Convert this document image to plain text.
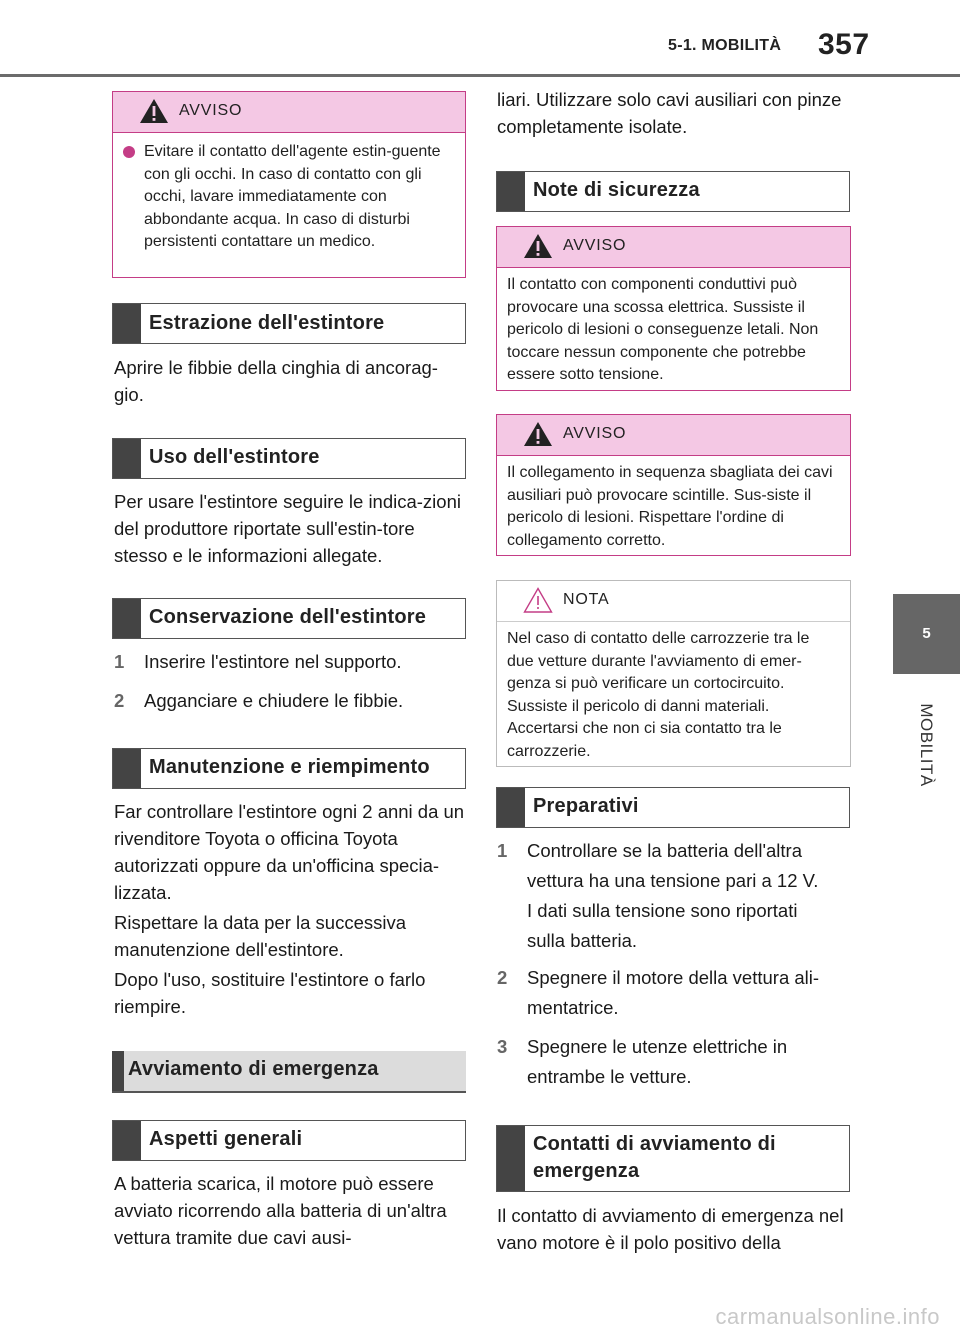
5-1. MOBILITÀ 357
5
MOBILITÀ
AVVISO
Evitare il contatto dell'agente estin-guente con gli occhi. In caso di contatto con gli occhi, lavare immediatamente con abbondante acqua. In caso di disturbi persistenti contattare un medico.
Estrazione dell'estintore
Aprire le fibbie della cinghia di ancorag-gio.
Uso dell'estintore
Per usare l'estintore seguire le indica-zioni del produttore riportate sull'estin-tore stesso e le informazioni allegate.
Conservazione dell'estintore
1 Inserire l'estintore nel supporto.
2 Agganciare e chiudere le fibbie.
Manutenzione e riempimento
Far controllare l'estintore ogni 2 anni da un rivenditore Toyota o officina Toyota autorizzati oppure da un'officina specia-lizzata.
Rispettare la data per la successiva manutenzione dell'estintore.
Dopo l'uso, sostituire l'estintore o farlo riempire.
Avviamento di emergenza
Aspetti generali
A batteria scarica, il motore può essere avviato ricorrendo alla batteria di un'altra vettura tramite due cavi ausi-
liari. Utilizzare solo cavi ausiliari con pinze completamente isolate.
Note di sicurezza
AVVISO
Il contatto con componenti conduttivi può provocare una scossa elettrica. Sussiste il pericolo di lesioni o conseguenze letali. Non toccare nessun componente che potrebbe essere sotto tensione.
AVVISO
Il collegamento in sequenza sbagliata dei cavi ausiliari può provocare scintille. Sus-siste il pericolo di lesioni. Rispettare l'ordine di collegamento corretto.
NOTA
Nel caso di contatto delle carrozzerie tra le due vetture durante l'avviamento di emer-genza si può verificare un cortocircuito. Sussiste il pericolo di danni materiali. Accertarsi che non ci sia contatto tra le carrozzerie.
Preparativi
1 Controllare se la batteria dell'altra
vettura ha una tensione pari a 12 V.
I dati sulla tensione sono riportati
sulla batteria.
2 Spegnere il motore della vettura ali-
mentatrice.
3 Spegnere le utenze elettriche in
entrambe le vetture.
Contatti di avviamento di emergenza
Il contatto di avviamento di emergenza nel vano motore è il polo positivo della
carmanualsonline.info
